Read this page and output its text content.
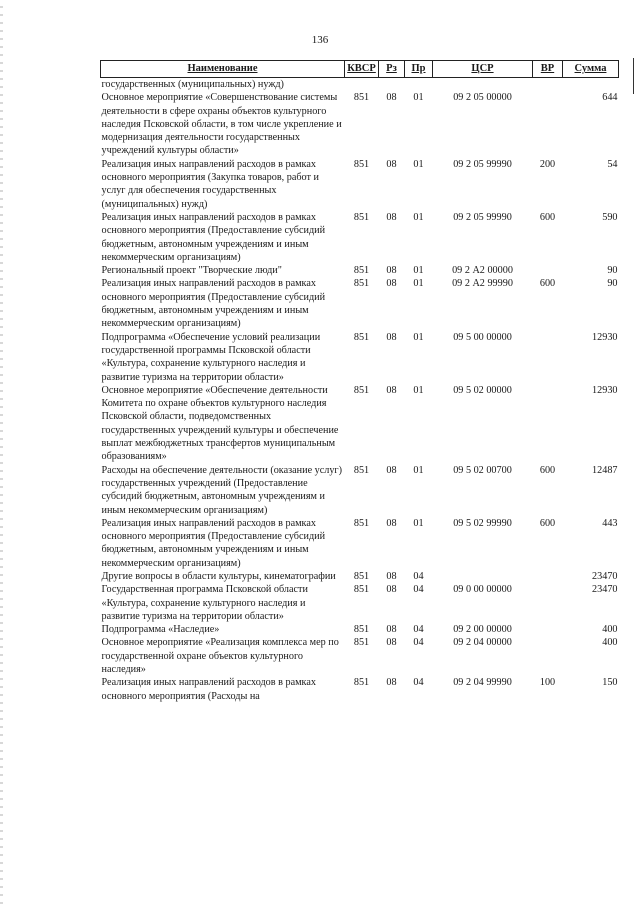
136
Наименование	КВСР	Рз	Пр	ЦСР	ВР	Сумма
государственных (муниципальных) нужд)						
Основное мероприятие «Совершенствование системы деятельности в сфере охраны объектов культурного наследия Псковской области, в том числе укрепление и модернизация деятельности государственных учреждений культуры области»	851	08	01	09 2 05 00000		644
Реализация иных направлений расходов в рамках основного мероприятия (Закупка товаров, работ и услуг для обеспечения государственных (муниципальных) нужд)	851	08	01	09 2 05 99990	200	54
Реализация иных направлений расходов в рамках основного мероприятия (Предоставление субсидий бюджетным, автономным учреждениям и иным некоммерческим организациям)	851	08	01	09 2 05 99990	600	590
Региональный проект "Творческие люди"	851	08	01	09 2 А2 00000		90
Реализация иных направлений расходов в рамках основного мероприятия (Предоставление субсидий бюджетным, автономным учреждениям и иным некоммерческим организациям)	851	08	01	09 2 А2 99990	600	90
Подпрограмма «Обеспечение условий реализации государственной программы Псковской области «Культура, сохранение культурного наследия и развитие туризма на территории области»	851	08	01	09 5 00 00000		12930
Основное мероприятие «Обеспечение деятельности Комитета по охране объектов культурного наследия Псковской области, подведомственных государственных учреждений культуры и обеспечение выплат межбюджетных трансфертов муниципальным образованиям»	851	08	01	09 5 02 00000		12930
Расходы на обеспечение деятельности (оказание услуг) государственных учреждений (Предоставление субсидий бюджетным, автономным учреждениям и иным некоммерческим организациям)	851	08	01	09 5 02 00700	600	12487
Реализация иных направлений расходов в рамках основного мероприятия (Предоставление субсидий бюджетным, автономным учреждениям и иным некоммерческим организациям)	851	08	01	09 5 02 99990	600	443
Другие вопросы в области культуры, кинематографии	851	08	04			23470
Государственная программа Псковской области «Культура, сохранение культурного наследия и развитие туризма на территории области»	851	08	04	09 0 00 00000		23470
Подпрограмма «Наследие»	851	08	04	09 2 00 00000		400
Основное мероприятие «Реализация комплекса мер по государственной охране объектов культурного наследия»	851	08	04	09 2 04 00000		400
Реализация иных направлений расходов в рамках основного мероприятия (Расходы на	851	08	04	09 2 04 99990	100	150
